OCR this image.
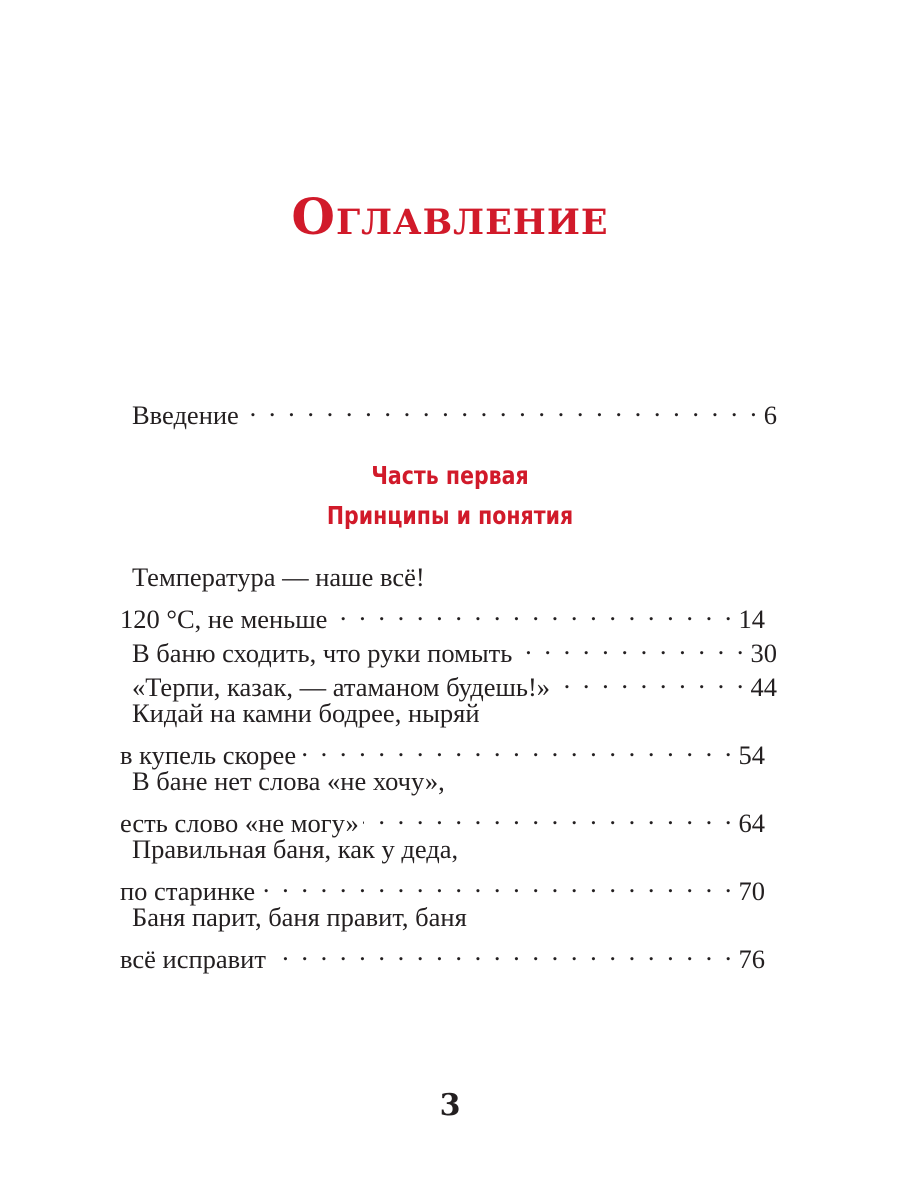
Оглавление
Введение . . .	6
Часть первая
Принципы и понятия
Температура — наше всё!
120 °С, не меньше . . .	14
В баню сходить, что руки помыть . . .	30
«Терпи, казак, — атаманом будешь!» . . .	44
Кидай на камни бодрее, ныряй
в купель скорее . . .	54
В бане нет слова «не хочу»,
есть слово «не могу» . . .	64
Правильная баня, как у деда,
по старинке . . .	70
Баня парит, баня правит, баня
всё исправит . . .	76
3
